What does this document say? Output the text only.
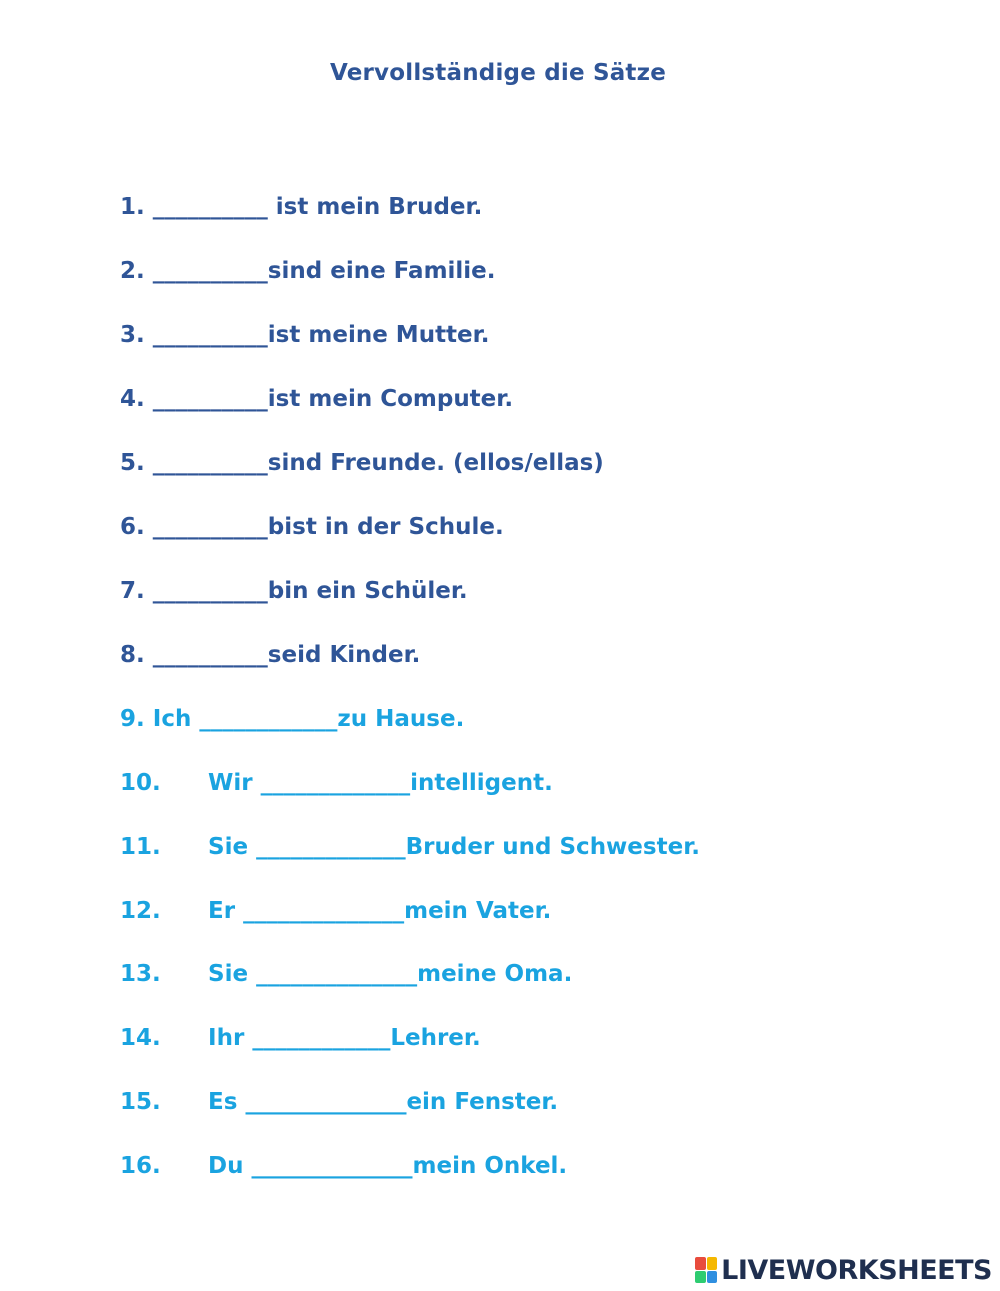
Vervollständige die Sätze

1. __________ ist mein Bruder.

2. __________sind eine Familie.

3. __________ist meine Mutter.

4. __________ist mein Computer.

5. __________sind Freunde. (ellos/ellas)

6. __________bist in der Schule.

7. __________bin ein Schüler.

8. __________seid Kinder.

9. Ich ____________zu Hause.

10. Wir _____________intelligent.

11. Sie _____________Bruder und Schwester.

12. Er ______________mein Vater.

13. Sie ______________meine Oma.

14. Ihr ____________Lehrer.

15. Es ______________ein Fenster.

16. Du ______________mein Onkel.

LIVEWORKSHEETS
